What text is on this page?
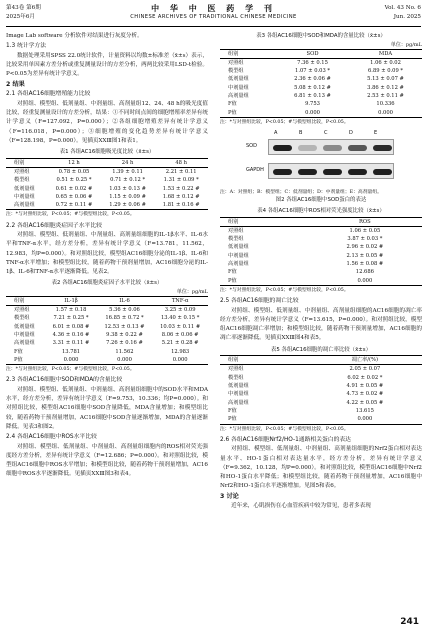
第43卷 第6期
2025年6月
中 华 中 医 药 学 刊
CHINESE ARCHIVES OF TRADITIONAL CHINESE MEDICINE
Vol. 43 No. 6
Jun. 2025

Image Lab software 分析软件对结果进行灰度分析。

1.3 统计学方法

数据处理采用SPSS 22.0统计软件，计量资料以均数±标准差（x̄±s）表示，比较采用单因素方差分析或重复测量设计的方差分析，两两比较采用LSD-t检验。P<0.05为差异有统计学意义。

2 结果
2.1 各组AC16细胞增殖能力比较

对照组、模型组、低剂量组、中剂量组、高剂量组12、24、48 h的吸光度值比较，经重复测量设计的方差分析，结果：①不同时间点间的细胞增殖率差异有统计学意义（F=127.092，P=0.000）；②各组细胞增殖差异有统计学意义（F=116.018，P=0.000）；③细胞增殖的变化趋势差异有统计学意义（F=128.198，P=0.000）。见插页ⅩⅩⅢ图1和表1。

表1 各组AC16细胞吸光度比较（x̄±s）
组别	12 h	24 h	48 h
对照组	0.78 ± 0.05	1.39 ± 0.11	2.21 ± 0.11
模型组	0.51 ± 0.25 *	0.71 ± 0.12 *	1.31 ± 0.09 *
低剂量组	0.61 ± 0.02 #	1.03 ± 0.13 #	1.53 ± 0.22 #
中剂量组	0.65 ± 0.06 #	1.15 ± 0.09 #	1.68 ± 0.12 #
高剂量组	0.72 ± 0.11 #	1.29 ± 0.06 #	1.81 ± 0.16 #
注：*与对照组比较，P<0.05；#与模型组比较，P<0.05。
2.2 各组AC16细胞炎症因子水平比较

对照组、模型组、低剂量组、中剂量组、高剂量组细胞的IL-1β水平、IL-6水平和TNF-α水平，经方差分析，差异有统计学意义（F=13.781，11.562，12.983，均P=0.000）。和对照组比较，模型组AC16细胞分泌的IL-1β、IL-6和TNF-α水平增加；和模型组比较，随着药物干预剂量增加，AC16细胞分泌的IL-1β、IL-6和TNF-α水平逐渐降低。见表2。

表2 各组AC16细胞炎症因子水平比较（x̄±s）
单位：pg/mL
组别	IL-1β	IL-6	TNF-α
对照组	1.57 ± 0.18	5.36 ± 0.06	3.25 ± 0.09
模型组	7.21 ± 0.25 *	16.85 ± 0.72 *	13.40 ± 0.15 *
低剂量组	6.01 ± 0.08 #	12.53 ± 0.13 #	10.03 ± 0.11 #
中剂量组	4.36 ± 0.16 #	9.38 ± 0.22 #	8.06 ± 0.06 #
高剂量组	3.31 ± 0.11 #	7.26 ± 0.16 #	5.21 ± 0.28 #
F值	13.781	11.562	12.983
P值	0.000	0.000	0.000
注：*与对照组比较，P<0.05；#与模型组比较，P<0.05。
2.3 各组AC16细胞中SOD和MDA的含量比较

对照组、模型组、低剂量组、中剂量组、高剂量组细胞中的SOD水平和MDA水平，经方差分析，差异有统计学意义（F=9.753，10.336；均P=0.000）。和对照组比较，模型组AC16细胞中SOD含量降低，MDA含量增加；和模型组比较，随着药物干预剂量增加，AC16细胞中SOD含量逐渐增加，MDA的含量逐渐降低。见表3和图2。

2.4 各组AC16细胞中ROS水平比较

对照组、模型组、低剂量组、中剂量组、高剂量组细胞内的ROS相对荧光强度经方差分析，差异有统计学意义（F=12.686；P=0.000）。和对照组比较，模型组AC16细胞中ROS水平增加；和模型组比较，随着药物干预剂量增加，AC16细胞中ROS水平逐渐降低。见插页ⅩⅩⅢ图3和表4。

表3 各组AC16细胞中SOD和MDA的含量比较（x̄±s）
单位：pg/mL
组别	SOD	MDA
对照组	7.36 ± 0.15	1.06 ± 0.02
模型组	1.07 ± 0.03 *	6.89 ± 0.09 *
低剂量组	2.36 ± 0.06 #	5.13 ± 0.07 #
中剂量组	5.08 ± 0.12 #	3.86 ± 0.12 #
高剂量组	6.81 ± 0.13 #	2.53 ± 0.11 #
F值	9.753	10.336
P值	0.000	0.000
注：*与对照组比较，P<0.05；#与模型组比较，P<0.05。
A	B	C	D	E
SOD
GAPDH
注：A：对照组；B：模型组；C：低剂量组；D：中剂量组；E：高剂量组。
图2 各组AC16细胞中SOD蛋白的表达
表4 各组AC16细胞中ROS相对荧光强度比较（x̄±s）
组别	ROS
对照组	1.06 ± 0.05
模型组	3.87 ± 0.03 *
低剂量组	2.96 ± 0.02 #
中剂量组	2.13 ± 0.05 #
高剂量组	1.56 ± 0.08 #
F值	12.686
P值	0.000
注：*与对照组比较，P<0.05；#与模型组比较，P<0.05。
2.5 各组AC16细胞的凋亡比较

对照组、模型组、低剂量组、中剂量组、高剂量组细胞的AC16细胞的凋亡率经方差分析，差异有统计学意义（F=13.615，P=0.000）。和对照组比较，模型组AC16细胞凋亡率增加；和模型组比较，随着药物干预剂量增加，AC16细胞的凋亡率逐渐降低。见插页ⅩⅩⅢ图4和表5。

表5 各组AC16细胞的凋亡率比较（x̄±s）
组别	凋亡率/(%)
对照组	2.05 ± 0.07
模型组	6.02 ± 0.02 *
低剂量组	4.91 ± 0.05 #
中剂量组	4.73 ± 0.02 #
高剂量组	4.22 ± 0.05 #
F值	13.615
P值	0.000
注：*与对照组比较，P<0.05；#与模型组比较，P<0.05。
2.6 各组AC16细胞Nrf2/HO-1通路相关蛋白的表达

对照组、模型组、低剂量组、中剂量组、高剂量组细胞的Nrf2蛋白相对表达量水平、HO-1蛋白相对表达量水平，经方差分析，差异有统计学意义（F=9.362，10.128，均P=0.000）。和对照组比较，模型组AC16细胞中Nrf2和HO-1蛋白水平降低；和模型组比较，随着药物干预剂量增加，AC16细胞中Nrf2和HO-1蛋白水平逐渐增加。见图5和表6。

3 讨论

近年来，心肌损伤在心血管疾病中较为常见，患者多表现

241
